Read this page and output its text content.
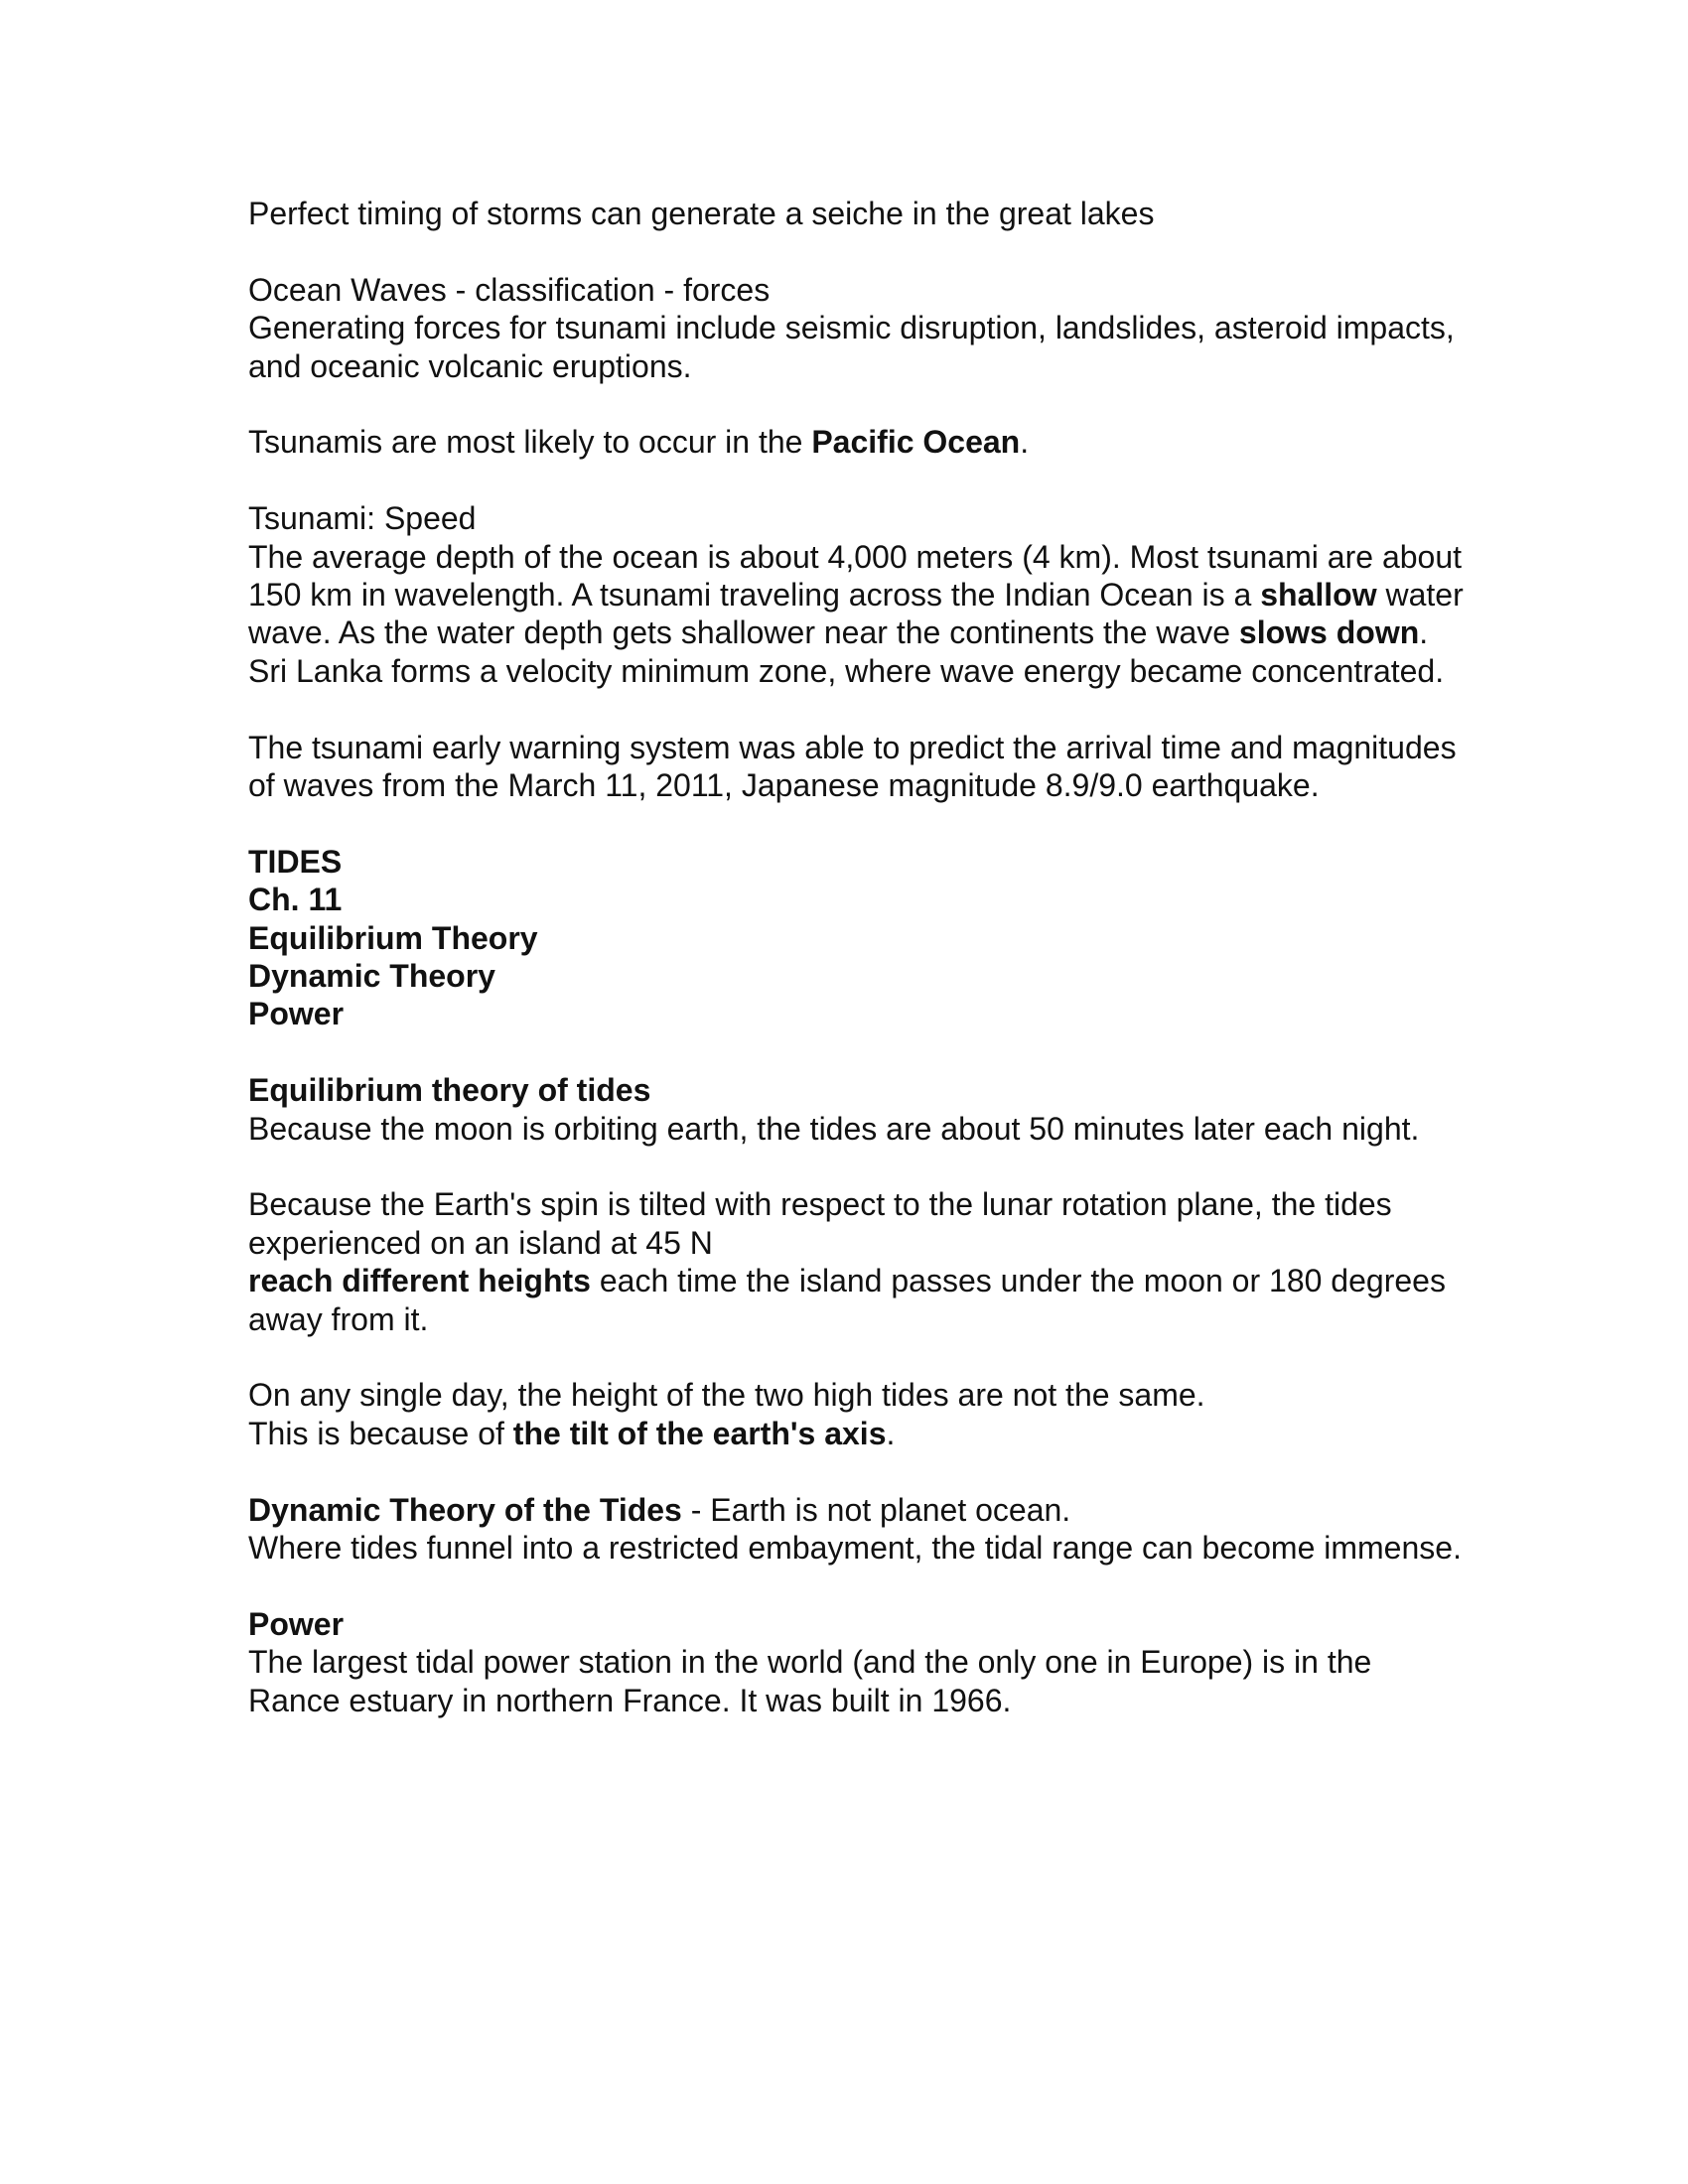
Perfect timing of storms can generate a seiche in the great lakes

Ocean Waves - classification - forces

Generating forces for tsunami include seismic disruption, landslides, asteroid impacts, and oceanic volcanic eruptions.

Tsunamis are most likely to occur in the Pacific Ocean.

Tsunami: Speed

The average depth of the ocean is about 4,000 meters (4 km). Most tsunami are about 150 km in wavelength. A tsunami traveling across the Indian Ocean is a shallow water wave. As the water depth gets shallower near the continents the wave slows down.

Sri Lanka forms a velocity minimum zone, where wave energy became concentrated.

The tsunami early warning system was able to predict the arrival time and magnitudes of waves from the March 11, 2011, Japanese magnitude 8.9/9.0 earthquake.

TIDES

Ch. 11

Equilibrium Theory

Dynamic Theory

Power

Equilibrium theory of tides

Because the moon is orbiting earth, the tides are about 50 minutes later each night.

Because the Earth's spin is tilted with respect to the lunar rotation plane, the tides experienced on an island at 45 N

reach different heights each time the island passes under the moon or 180 degrees away from it.

On any single day, the height of the two high tides are not the same.

This is because of the tilt of the earth's axis.

Dynamic Theory of the Tides - Earth is not planet ocean.

Where tides funnel into a restricted embayment, the tidal range can become immense.

Power

The largest tidal power station in the world (and the only one in Europe) is in the Rance estuary in northern France. It was built in 1966.
